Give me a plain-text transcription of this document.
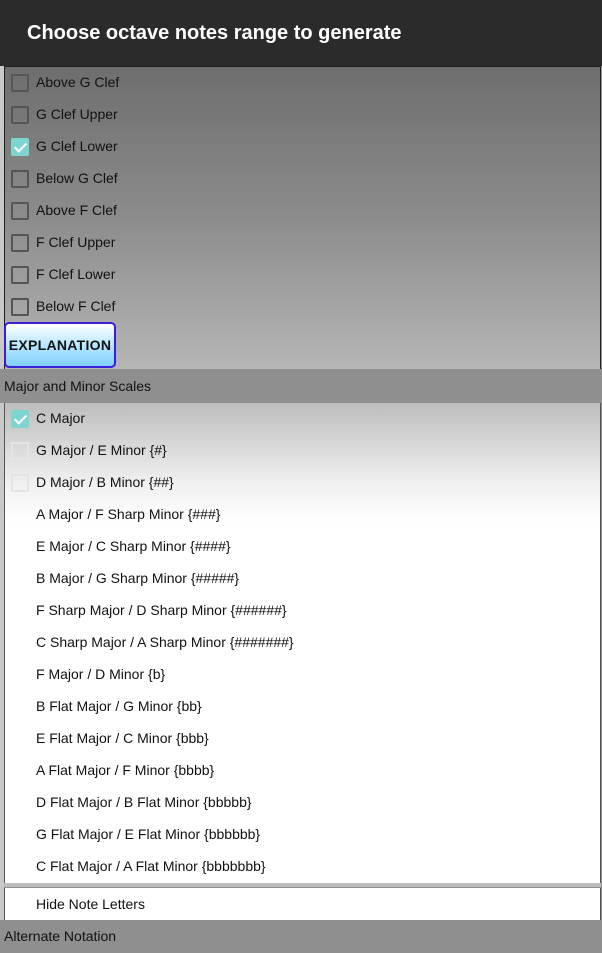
Choose octave notes range to generate
Above G Clef
G Clef Upper
G Clef Lower
Below G Clef
Above F Clef
F Clef Upper
F Clef Lower
Below F Clef
EXPLANATION
Major and Minor Scales
C Major
G Major / E Minor {#}
D Major / B Minor {##}
A Major / F Sharp Minor {###}
E Major / C Sharp Minor {####}
B Major / G Sharp Minor {#####}
F Sharp Major / D Sharp Minor {######}
C Sharp Major / A Sharp Minor {#######}
F Major / D Minor {b}
B Flat Major / G Minor {bb}
E Flat Major / C Minor {bbb}
A Flat Major / F Minor {bbbb}
D Flat Major / B Flat Minor {bbbbb}
G Flat Major / E Flat Minor {bbbbbb}
C Flat Major / A Flat Minor {bbbbbbb}
Hide Note Letters
Alternate Notation
